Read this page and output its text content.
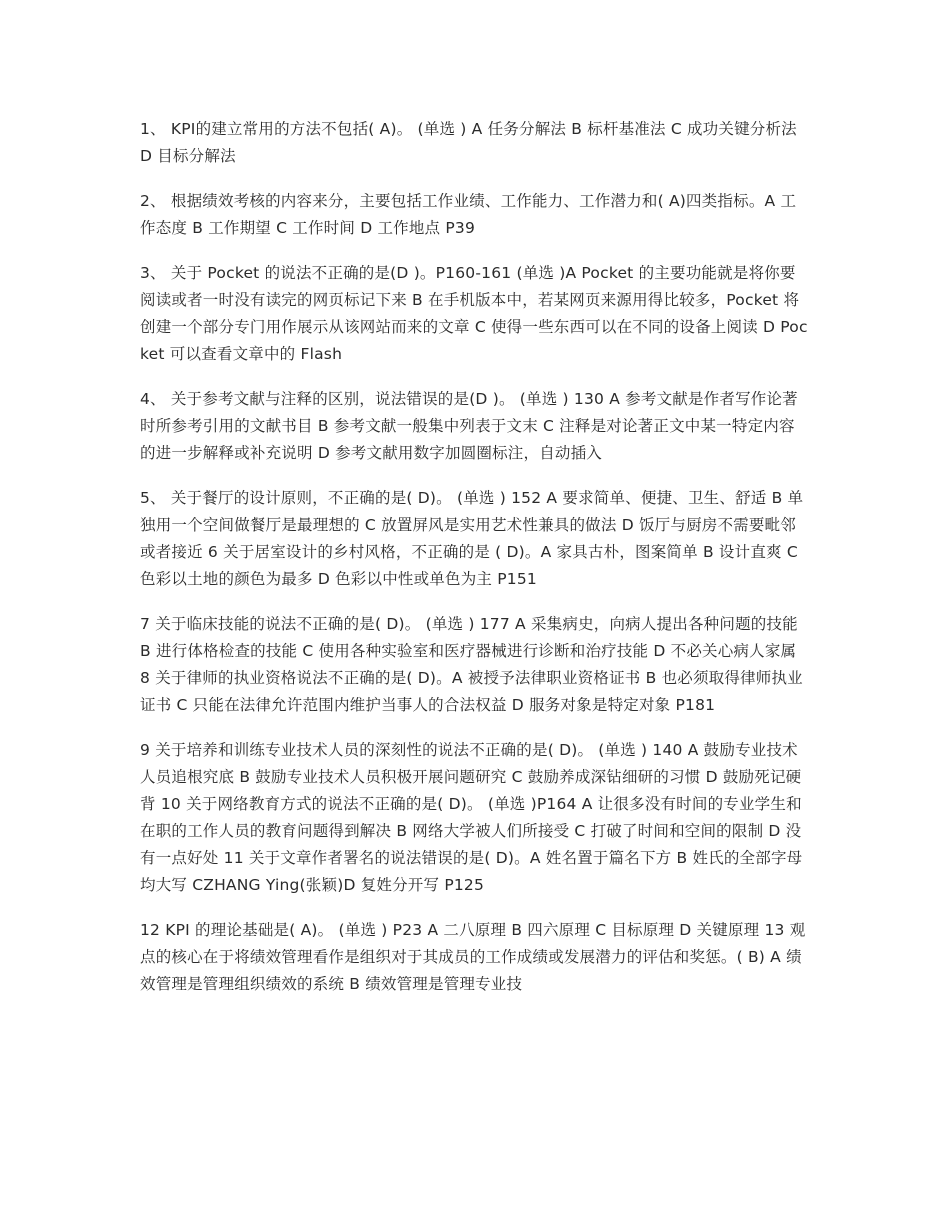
1、 KPI的建立常用的方法不包括( A)。 (单选 ) A 任务分解法 B 标杆基准法 C 成功关键分析法 D 目标分解法

2、 根据绩效考核的内容来分，主要包括工作业绩、工作能力、工作潜力和( A)四类指标。A 工作态度 B 工作期望 C 工作时间 D 工作地点 P39

3、 关于 Pocket 的说法不正确的是(D )。P160-161 (单选 )A Pocket 的主要功能就是将你要阅读或者一时没有读完的网页标记下来 B 在手机版本中，若某网页来源用得比较多，Pocket 将创建一个部分专门用作展示从该网站而来的文章 C 使得一些东西可以在不同的设备上阅读 D Pocket 可以查看文章中的 Flash

4、 关于参考文献与注释的区别，说法错误的是(D )。 (单选 ) 130 A 参考文献是作者写作论著时所参考引用的文献书目 B 参考文献一般集中列表于文末 C 注释是对论著正文中某一特定内容的进一步解释或补充说明 D 参考文献用数字加圆圈标注，自动插入

5、 关于餐厅的设计原则，不正确的是( D)。 (单选 ) 152 A 要求简单、便捷、卫生、舒适 B 单独用一个空间做餐厅是最理想的 C 放置屏风是实用艺术性兼具的做法 D 饭厅与厨房不需要毗邻或者接近 6 关于居室设计的乡村风格，不正确的是 ( D)。A 家具古朴，图案简单 B 设计直爽 C 色彩以土地的颜色为最多 D 色彩以中性或单色为主 P151

7 关于临床技能的说法不正确的是( D)。 (单选 ) 177 A 采集病史，向病人提出各种问题的技能 B 进行体格检查的技能 C 使用各种实验室和医疗器械进行诊断和治疗技能 D 不必关心病人家属 8 关于律师的执业资格说法不正确的是( D)。A 被授予法律职业资格证书 B 也必须取得律师执业证书 C 只能在法律允许范围内维护当事人的合法权益 D 服务对象是特定对象 P181

9 关于培养和训练专业技术人员的深刻性的说法不正确的是( D)。 (单选 ) 140 A 鼓励专业技术人员追根究底 B 鼓励专业技术人员积极开展问题研究 C 鼓励养成深钻细研的习惯 D 鼓励死记硬背 10 关于网络教育方式的说法不正确的是( D)。 (单选 )P164 A 让很多没有时间的专业学生和在职的工作人员的教育问题得到解决 B 网络大学被人们所接受 C 打破了时间和空间的限制 D 没有一点好处 11 关于文章作者署名的说法错误的是( D)。A 姓名置于篇名下方 B 姓氏的全部字母均大写 CZHANG Ying(张颖)D 复姓分开写 P125

12 KPI 的理论基础是( A)。 (单选 ) P23 A 二八原理 B 四六原理 C 目标原理 D 关键原理 13 观点的核心在于将绩效管理看作是组织对于其成员的工作成绩或发展潜力的评估和奖惩。( B) A 绩效管理是管理组织绩效的系统 B 绩效管理是管理专业技
